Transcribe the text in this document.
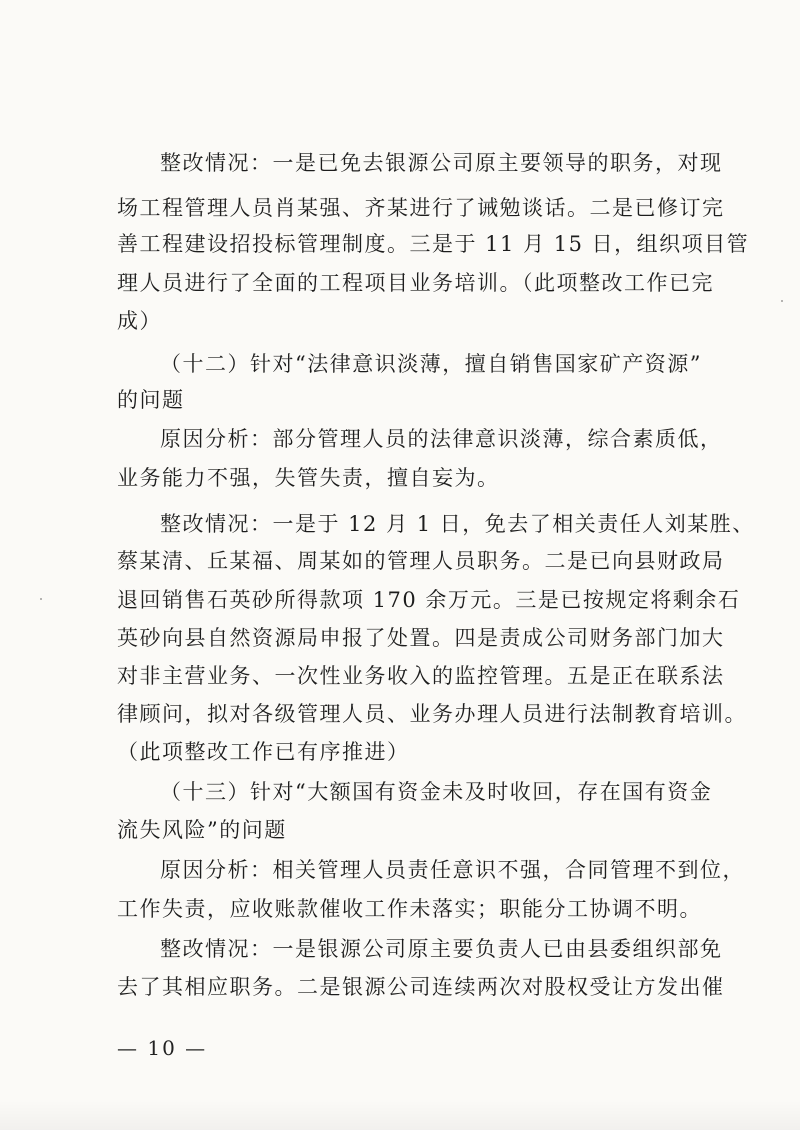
整改情况：一是已免去银源公司原主要领导的职务，对现
场工程管理人员肖某强、齐某进行了诫勉谈话。二是已修订完
善工程建设招投标管理制度。三是于 11 月 15 日，组织项目管
理人员进行了全面的工程项目业务培训。（此项整改工作已完
成）
（十二）针对“法律意识淡薄，擅自销售国家矿产资源”
的问题
原因分析：部分管理人员的法律意识淡薄，综合素质低，
业务能力不强，失管失责，擅自妄为。
整改情况：一是于 12 月 1 日，免去了相关责任人刘某胜、
蔡某清、丘某福、周某如的管理人员职务。二是已向县财政局
退回销售石英砂所得款项 170 余万元。三是已按规定将剩余石
英砂向县自然资源局申报了处置。四是责成公司财务部门加大
对非主营业务、一次性业务收入的监控管理。五是正在联系法
律顾问，拟对各级管理人员、业务办理人员进行法制教育培训。
（此项整改工作已有序推进）
（十三）针对“大额国有资金未及时收回，存在国有资金
流失风险”的问题
原因分析：相关管理人员责任意识不强，合同管理不到位，
工作失责，应收账款催收工作未落实；职能分工协调不明。
整改情况：一是银源公司原主要负责人已由县委组织部免
去了其相应职务。二是银源公司连续两次对股权受让方发出催
— 10 —
